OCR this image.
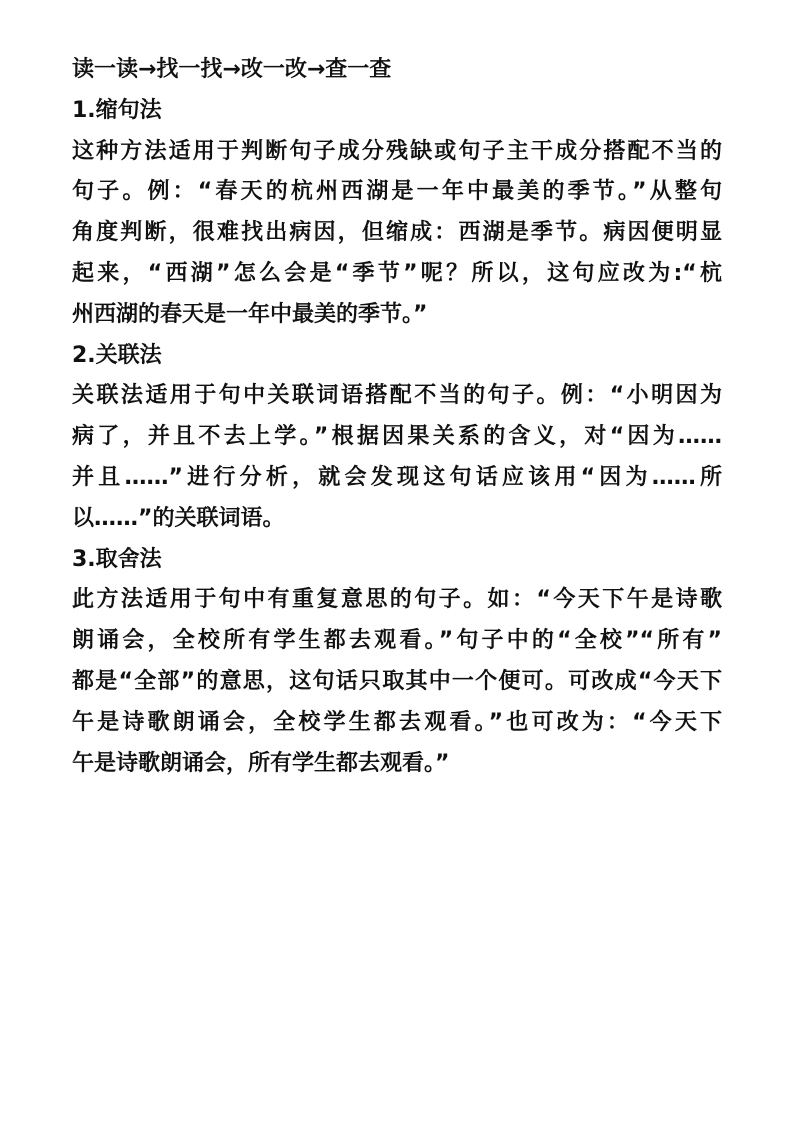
读一读→找一找→改一改→查一查
1.缩句法
这种方法适用于判断句子成分残缺或句子主干成分搭配不当的
句子。例：“春天的杭州西湖是一年中最美的季节。”从整句
角度判断，很难找出病因，但缩成：西湖是季节。病因便明显
起来，“西湖”怎么会是“季节”呢？所以，这句应改为:“杭
州西湖的春天是一年中最美的季节。”
2.关联法
关联法适用于句中关联词语搭配不当的句子。例：“小明因为
病了，并且不去上学。”根据因果关系的含义，对“因为……
并且……”进行分析，就会发现这句话应该用“因为……所
以……”的关联词语。
3.取舍法
此方法适用于句中有重复意思的句子。如：“今天下午是诗歌
朗诵会，全校所有学生都去观看。”句子中的“全校”“所有”
都是“全部”的意思，这句话只取其中一个便可。可改成“今天下
午是诗歌朗诵会，全校学生都去观看。”也可改为：“今天下
午是诗歌朗诵会，所有学生都去观看。”
